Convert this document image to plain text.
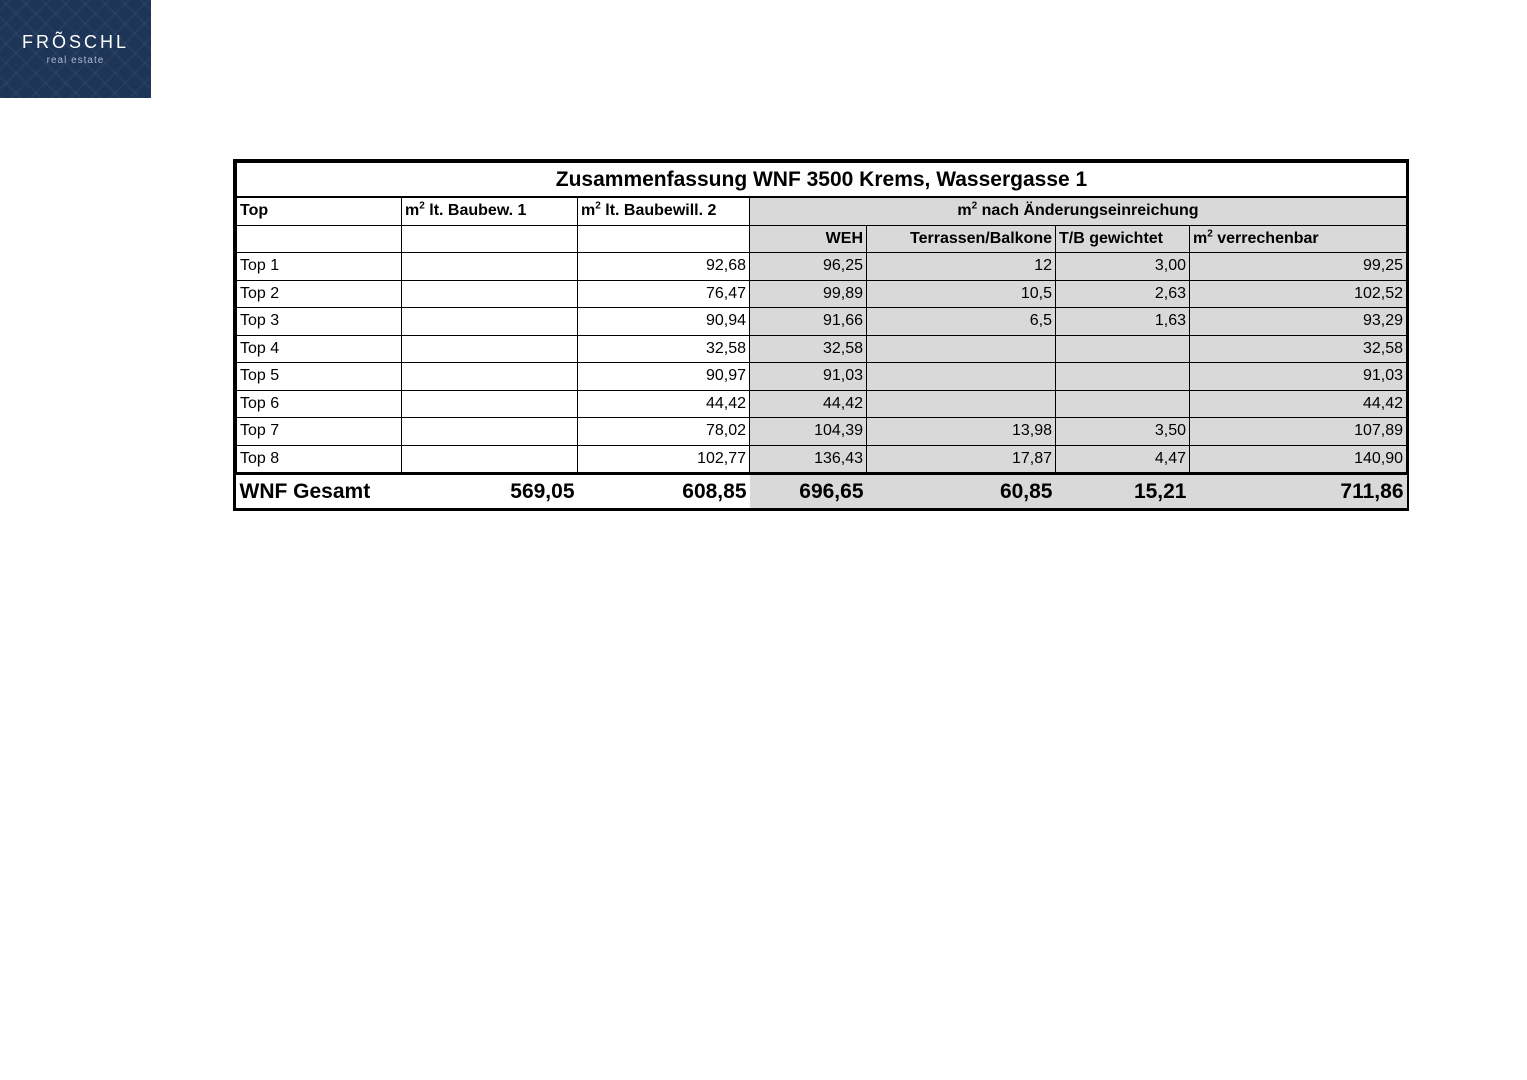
FRÕSCHL
real estate
Zusammenfassung WNF 3500 Krems, Wassergasse 1						
Top	$m^2$ lt. Baubew. 1	$m^2$ lt. Baubewill. 2	$m^2$ nach Änderungseinreichung			
			WEH	Terrassen/Balkone	T/B gewichtet	$m^2$ verrechenbar
Top 1		92,68	96,25	12	3,00	99,25
Top 2		76,47	99,89	10,5	2,63	102,52
Top 3		90,94	91,66	6,5	1,63	93,29
Top 4		32,58	32,58			32,58
Top 5		90,97	91,03			91,03
Top 6		44,42	44,42			44,42
Top 7		78,02	104,39	13,98	3,50	107,89
Top 8		102,77	136,43	17,87	4,47	140,90
WNF Gesamt	569,05	608,85	696,65	60,85	15,21	711,86
